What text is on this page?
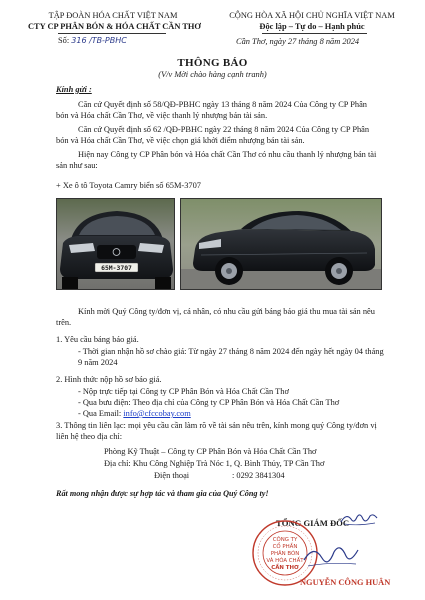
TẬP ĐOÀN HÓA CHẤT VIỆT NAM
CTY CP PHÂN BÓN & HÓA CHẤT CẦN THƠ
Số: 316 /TB-PBHC
CỘNG HÒA XÃ HỘI CHỦ NGHĨA VIỆT NAM
Độc lập – Tự do – Hạnh phúc
Cần Thơ, ngày 27 tháng 8 năm 2024
THÔNG BÁO
(V/v Mời chào hàng cạnh tranh)
Kính gửi :
Căn cứ Quyết định số 58/QĐ-PBHC ngày 13 tháng 8 năm 2024 Của Công ty CP Phân bón và Hóa chất Cần Thơ, về việc thanh lý nhượng bán tài sản.
Căn cứ Quyết định số 62 /QĐ-PBHC ngày 22 tháng 8 năm 2024 Của Công ty CP Phân bón và Hóa chất Cần Thơ, về việc chọn giá khởi điểm nhượng bán tài sản.
Hiện nay Công ty CP Phân bón và Hóa chất Cần Thơ có nhu cầu thanh lý nhượng bán tài sản như sau:
+ Xe ô tô Toyota Camry biển số 65M-3707
65M-3707
Kính mời Quý Công ty/đơn vị, cá nhân, có nhu cầu gửi báng báo giá thu mua tài sản nêu trên.
1. Yêu cầu báng báo giá.
- Thời gian nhận hồ sơ chào giá: Từ ngày 27 tháng 8 năm 2024 đến ngày hết ngày 04 tháng 9 năm 2024
2. Hình thức nộp hồ sơ báo giá.
- Nộp trực tiếp tại Công ty CP Phân Bón và Hóa Chất Cần Thơ
- Qua bưu điện: Theo địa chỉ của Công ty CP Phân Bón và Hóa Chất Cần Thơ
- Qua Email: info@cfccobay.com
3. Thông tin liên lạc: mọi yêu cầu cần làm rõ về tài sản nêu trên, kính mong quý Công ty/đơn vị liên hệ theo địa chỉ:
Phòng Kỹ Thuật – Công ty CP Phân Bón và Hóa Chất Cần Thơ
Địa chỉ: Khu Công Nghiệp Trà Nóc 1, Q. Bình Thủy, TP Cần Thơ
Điện thoại	: 0292 3841304
Rất mong nhận được sự hợp tác và tham gia của Quý Công ty!
TỔNG GIÁM ĐỐC
CÔNG TY
CỔ PHẦN
PHÂN BÓN
VÀ HÓA CHẤT
CẦN THƠ
NGUYỄN CÔNG HUÂN
